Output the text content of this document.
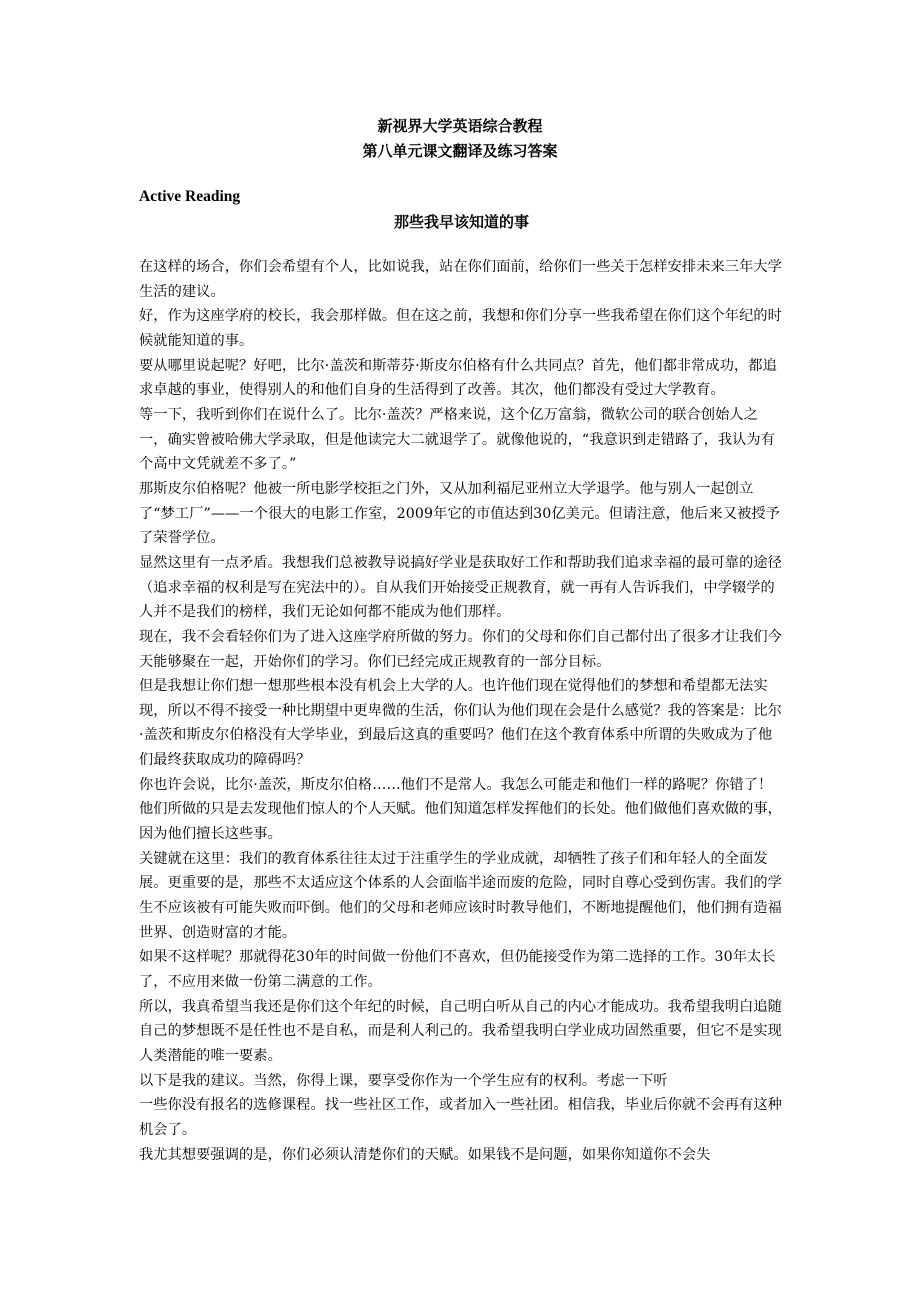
新视界大学英语综合教程
第八单元课文翻译及练习答案
Active Reading
那些我早该知道的事

在这样的场合，你们会希望有个人，比如说我，站在你们面前，给你们一些关于怎样安排未来三年大学生活的建议。

好，作为这座学府的校长，我会那样做。但在这之前，我想和你们分享一些我希望在你们这个年纪的时候就能知道的事。

要从哪里说起呢？好吧，比尔·盖茨和斯蒂芬·斯皮尔伯格有什么共同点？首先，他们都非常成功，都追求卓越的事业，使得别人的和他们自身的生活得到了改善。其次，他们都没有受过大学教育。

等一下，我听到你们在说什么了。比尔·盖茨？严格来说，这个亿万富翁，微软公司的联合创始人之一，确实曾被哈佛大学录取，但是他读完大二就退学了。就像他说的，“我意识到走错路了，我认为有个高中文凭就差不多了。”

那斯皮尔伯格呢？他被一所电影学校拒之门外，又从加利福尼亚州立大学退学。他与别人一起创立了“梦工厂”——一个很大的电影工作室，2009年它的市值达到30亿美元。但请注意，他后来又被授予了荣誉学位。

显然这里有一点矛盾。我想我们总被教导说搞好学业是获取好工作和帮助我们追求幸福的最可靠的途径（追求幸福的权利是写在宪法中的）。自从我们开始接受正规教育，就一再有人告诉我们，中学辍学的人并不是我们的榜样，我们无论如何都不能成为他们那样。

现在，我不会看轻你们为了进入这座学府所做的努力。你们的父母和你们自己都付出了很多才让我们今天能够聚在一起，开始你们的学习。你们已经完成正规教育的一部分目标。

但是我想让你们想一想那些根本没有机会上大学的人。也许他们现在觉得他们的梦想和希望都无法实现，所以不得不接受一种比期望中更卑微的生活，你们认为他们现在会是什么感觉？我的答案是：比尔·盖茨和斯皮尔伯格没有大学毕业，到最后这真的重要吗？他们在这个教育体系中所谓的失败成为了他们最终获取成功的障碍吗？

你也许会说，比尔·盖茨，斯皮尔伯格……他们不是常人。我怎么可能走和他们一样的路呢？你错了！他们所做的只是去发现他们惊人的个人天赋。他们知道怎样发挥他们的长处。他们做他们喜欢做的事，因为他们擅长这些事。

关键就在这里：我们的教育体系往往太过于注重学生的学业成就，却牺牲了孩子们和年轻人的全面发展。更重要的是，那些不太适应这个体系的人会面临半途而废的危险，同时自尊心受到伤害。我们的学生不应该被有可能失败而吓倒。他们的父母和老师应该时时教导他们，不断地提醒他们，他们拥有造福世界、创造财富的才能。

如果不这样呢？那就得花30年的时间做一份他们不喜欢，但仍能接受作为第二选择的工作。30年太长了，不应用来做一份第二满意的工作。

所以，我真希望当我还是你们这个年纪的时候，自己明白听从自己的内心才能成功。我希望我明白追随自己的梦想既不是任性也不是自私，而是利人利己的。我希望我明白学业成功固然重要，但它不是实现人类潜能的唯一要素。

以下是我的建议。当然，你得上课，要享受你作为一个学生应有的权利。考虑一下听

一些你没有报名的选修课程。找一些社区工作，或者加入一些社团。相信我，毕业后你就不会再有这种机会了。

我尤其想要强调的是，你们必须认清楚你们的天赋。如果钱不是问题，如果你知道你不会失
